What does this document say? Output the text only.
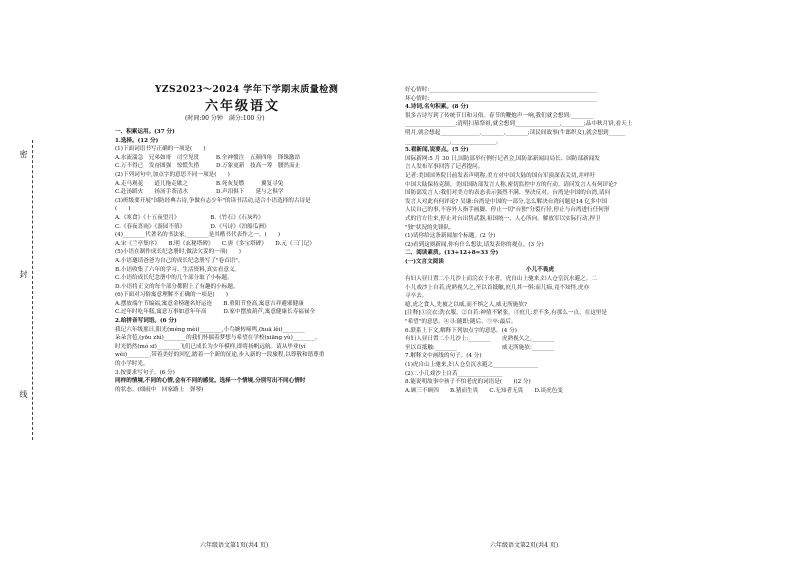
密
封
线
YZS2023～2024 学年下学期末质量检测
六年级语文
(时间:90 分钟　满分:100 分)
一、积累运用。(37 分)
1.选择。(12 分)
(1)下面词语书写正确的一项是(　　)
A.水流湍急　兄弟如哥　司空见贯　　　B.全神惯注　五颜四角　锋铢激昂
C.万不得已　发奋图强　惊慌失措　　　D.万象更新　技高一筹　腰然而止
(2)下列词句中,加点字的意思不同一项是(　　)
A.走马观花　　道儿拖走歇之　　　　　B.死灰复燃　　　翼复寻兔
C.赴汤蹈火　　扬汤手荼清水　　　　　D.声泪俱下　　延与之俱学
(3)班级要开展"国防经典古诗,争做有志少年"的读书活动,适合小语选择的古诗是
(　　)
A.《寒食》《十五夜望月》　　　　　　B.《竹石》《石灰吟》
C.《春夜喜雨》《游园不值》　　　　　D.《马诗》《泊船瓜洲》
(4)________代著名的书法家,________是其楷书代表作之一。(　　)
A.宋《兰亭集序》　　B.明《玄秘塔碑》　　C.唐《多宝塔碑》　　D.元《三门记》
(5)小语在制作成长纪念册时,做法欠妥的一项(　　)
A.小语邀请爸爸为自己的成长纪念册写了"卷首语"。
B.小语收集了六年的学习、生活资料,真实看意义。
C.小语给成长纪念册中的几个部分取了小标题。
D.小语将正文的每个部分都附上了有趣的小标题。
(6)下面对习俗寓意理解不正确的一项是(　　)
A.摆放端午节编福,寓意金榜题名好运连　　B.重阳节登高,寓意吉祥避邪健康
C.过年时吃年糕,寓意万事如意年年高　　　D.家中摆放葫芦,寓意健康长寿福禄全
2.给拼音写词语。(6 分)
我记六年级那日,阳光(méng mèi)________,小鸟婉转啼鸣,(huā lěi)________
朵朵含苞,(yōu zhì)________的我们怀揣着梦想与希望在学校(xiāng yù)________。
时光悄然(mó sī)________飞们已成长为少年模样,即将扬帆远航。请从毕业(yí
wèi)________,带着美好的回忆,踏着一个新的征途,步入新的一段旅程,以尊敬和谐尊重
的小学时光。
3.按要求写句子。(6 分)
同样的情境,不同的心情,会有不同的感觉。选择一个情境,分别写出不同心情时
的状态。(细雨中　回家路上　弹琴)
六年级语文第1页(共4 页)
好心情时:____________________________________________________________
坏心情时:____________________________________________________________
4.诗词,名句积累。(8 分)
很多古诗写到了传统节日和习俗。春节的鞭炮声一响,我们就会想到:________
__________________;清明扫墓祭祖,就会想到________________,________;品中秋月饼,看天上
明月,就会想起______________,________,________;读民间故事(牛郎织女),就会想到______
________________,________________。
5.看新闻,说要点。(5 分)
国际新网:5 月 30 日,国防部举行例行记者会,国防部新闻局局长、国防部新闻发
言人发布军事回答了记者提问。
记者:美国国务院日前发表声明称,美方对中国大陆的国台军演深表关切,并呼吁
中国大陆保持克制。美国国防部发言人称,密切监控中方的行动。请问发言人有何评论?
国防部发言人:我们对美方的表态表示强烈不满、坚决反对。台湾是中国的台湾,请问
发言人对此有何评论? 吴谦:台湾是中国的一部分,怎么解决台湾问题是14 亿多中国
人民自己的事,不容外人指手画脚。停止一切"台独"分裂行径,停止与台湾进行任何形
式的官方往来,停止对台出售武器,祖国统一、人心所向。解放军以实际行动,捍卫
"独"状况的先锋队。
(1)请你给这条新闻加个标题。(2 分)
(2)看到这则新闻,你有什么想法,请发表你的观点。(3 分)
二、阅读素质。(13+12+8=33 分)
(一)文言文阅读
小儿不畏虎
有妇人昼日置二小儿沙上而浣衣于水者。虎自山上驰来,妇人仓皇沉水避之。二
小儿戏沙上自若,虎熟视久之,至以首抵触,庶几其一惧;而儿痴,竟不知怪,虎亦
寻卒去。
噫,虎之食人,先被之以威,而不惧之人,威无所施欤?
[注释]①浣衣:洗衣服。②自若:神情不紧张。③庶几:差不多,有那么一点。在这里是
"希望"的意思。④寻:随即;随后。⑤卒:最后。
6.联系上下文,解释下列加点字的意思。(4 分)
有妇人昼日置二小儿沙上:________　　虎熟视久之,________
至以首抵触:________　　　　　　　　威无所施欤:________
7.解释文中画线的句子。(4 分)
(1)虎自山上驰来,妇人仓皇沉水避之________________
(2)二小儿戏沙上自若________________
8.能说明故事中孩子不怕老虎的词语是(　　)(2 分)
A.顾三不顾四　　B.猪而生畏　　C.无知者无畏　　D.谈虎色变
六年级语文第2页(共4 页)
